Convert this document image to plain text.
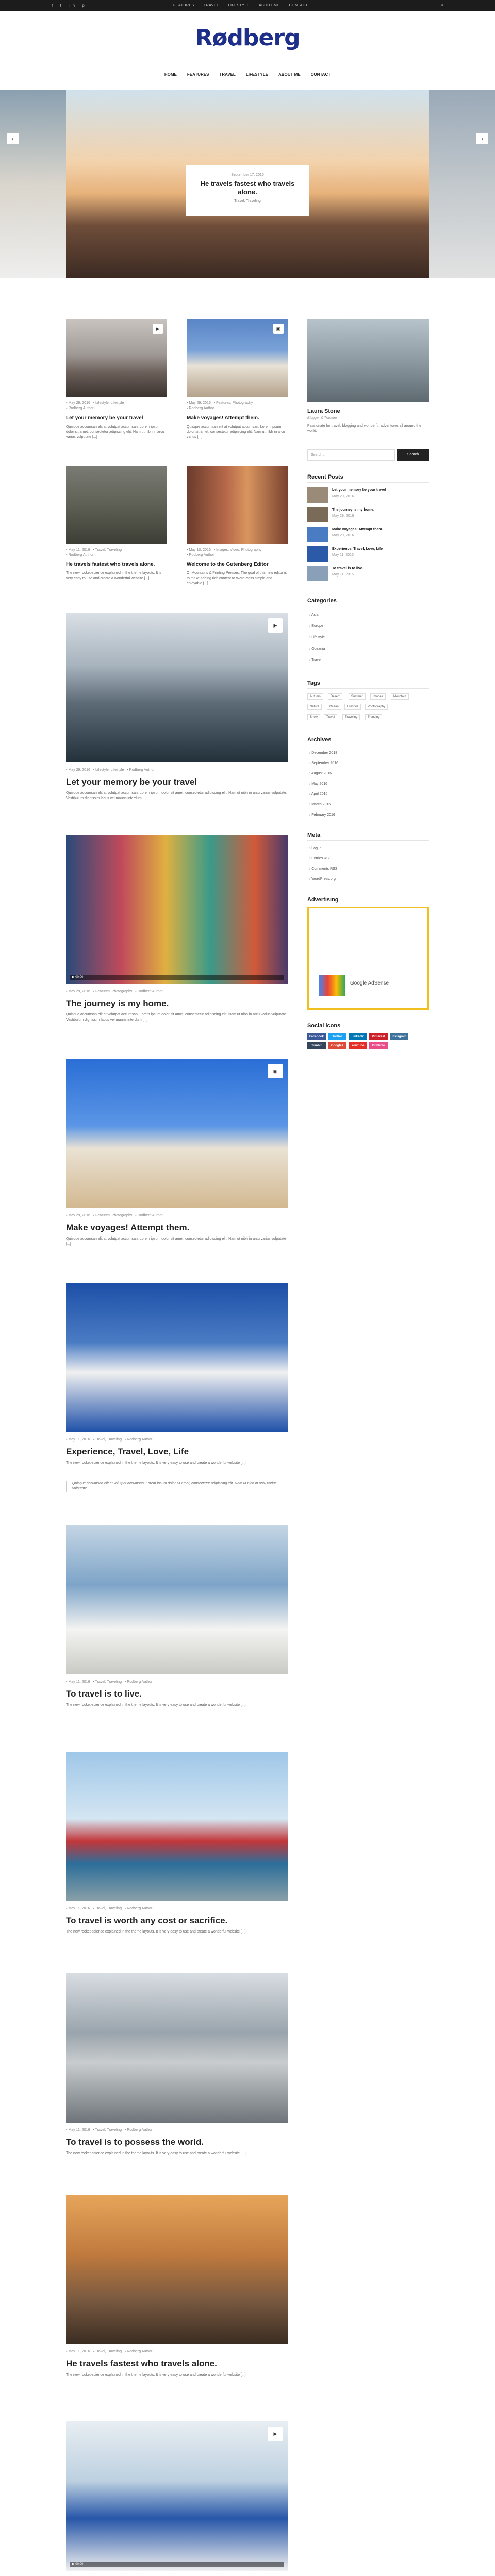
f t in p	FEATURES	TRAVEL	LIFESTYLE	ABOUT ME	CONTACT	⌕
Rødberg
HOME	FEATURES	TRAVEL	LIFESTYLE	ABOUT ME	CONTACT
September 17, 2016
He travels fastest who travels alone.
Travel, Traveling
‹	›
▶
▪ May 29, 2016   ▪ Lifestyle, Lifestyle
▪ Rodberg Author
Let your memory be your travel
Quisque accumsan elit at volutpat accumsan. Lorem ipsum dolor sit amet, consectetur adipiscing elit. Nam ut nibh in arcu varius vulputate [...]
▣
▪ May 29, 2016   ▪ Features, Photography
▪ Rodberg Author
Make voyages! Attempt them.
Quisque accumsan elit at volutpat accumsan. Lorem ipsum dolor sit amet, consectetur adipiscing elit. Nam ut nibh in arcu varius [...]
▪ May 11, 2016   ▪ Travel, Traveling
▪ Rodberg Author
He travels fastest who travels alone.
The new rocket-science explained in the theme layouts. It is very easy to use and create a wonderful website [...]
▪ May 10, 2016   ▪ Images, Video, Photography
▪ Rodberg Author
Welcome to the Gutenberg Editor
Of Mountains & Printing Presses. The goal of this new editor is to make adding rich content to WordPress simple and enjoyable [...]
▶
▪ May 29, 2016   ▪ Lifestyle, Lifestyle   ▪ Rodberg Author
Let your memory be your travel
Quisque accumsan elit at volutpat accumsan. Lorem ipsum dolor sit amet, consectetur adipiscing elit. Nam ut nibh in arcu varius vulputate. Vestibulum dignissim lacus vel mauris interdum [...]
▶ 00:00
▪ May 29, 2016   ▪ Features, Photography   ▪ Rodberg Author
The journey is my home.
Quisque accumsan elit at volutpat accumsan. Lorem ipsum dolor sit amet, consectetur adipiscing elit. Nam ut nibh in arcu varius vulputate. Vestibulum dignissim lacus vel mauris interdum [...]
▣
▪ May 29, 2016   ▪ Features, Photography   ▪ Rodberg Author
Make voyages! Attempt them.
Quisque accumsan elit at volutpat accumsan. Lorem ipsum dolor sit amet, consectetur adipiscing elit. Nam ut nibh in arcu varius vulputate [...]
▪ May 11, 2016   ▪ Travel, Traveling   ▪ Rodberg Author
Experience, Travel, Love, Life
The new rocket-science explained in the theme layouts. It is very easy to use and create a wonderful website [...]
Quisque accumsan elit at volutpat accumsan. Lorem ipsum dolor sit amet, consectetur adipiscing elit. Nam ut nibh in arcu varius vulputate.
▪ May 11, 2016   ▪ Travel, Traveling   ▪ Rodberg Author
To travel is to live.
The new rocket-science explained in the theme layouts. It is very easy to use and create a wonderful website [...]
▪ May 11, 2016   ▪ Travel, Traveling   ▪ Rodberg Author
To travel is worth any cost or sacrifice.
The new rocket-science explained in the theme layouts. It is very easy to use and create a wonderful website [...]
▪ May 11, 2016   ▪ Travel, Traveling   ▪ Rodberg Author
To travel is to possess the world.
The new rocket-science explained in the theme layouts. It is very easy to use and create a wonderful website [...]
▪ May 11, 2016   ▪ Travel, Traveling   ▪ Rodberg Author
He travels fastest who travels alone.
The new rocket-science explained in the theme layouts. It is very easy to use and create a wonderful website [...]
▶
▶ 00:00
Laura Stone
Blogger & Traveler
Passionate for travel, blogging and wonderful adventures all around the world.
Search...	Search
Recent Posts
Let your memory be your travel
May 29, 2016
The journey is my home.
May 29, 2016
Make voyages! Attempt them.
May 29, 2016
Experience, Travel, Love, Life
May 11, 2016
To travel is to live.
May 11, 2016
Categories
› Asia
› Europe
› Lifestyle
› Oceania
› Travel
Tags
Autumn	Desert	Summer	Images	Mountain
Nature	Ocean	Lifestyle	Photography
Snow	Travel	Traveling	Trending
Archives
› December 2018
› September 2016
› August 2016
› May 2016
› April 2016
› March 2016
› February 2016
Meta
› Log in
› Entries RSS
› Comments RSS
› WordPress.org
Advertising
Google AdSense
Social icons
Facebook	Twitter	LinkedIn	Pinterest	Instagram
Tumblr	Google+	YouTube	Dribbble
